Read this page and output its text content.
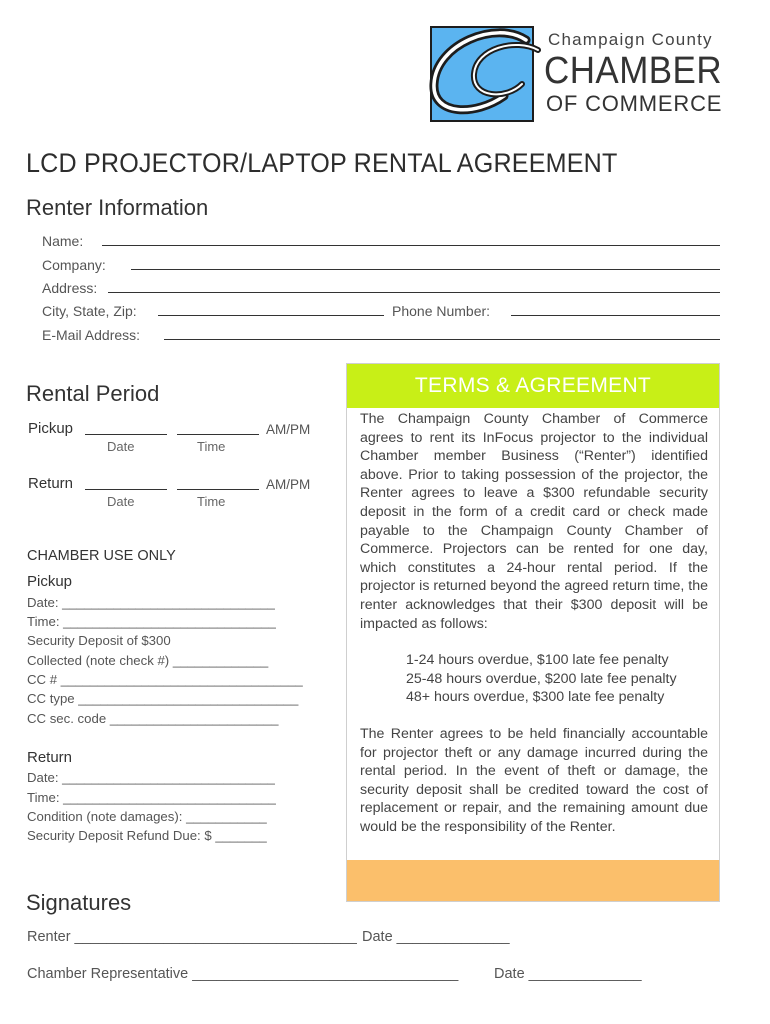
Champaign County
CHAMBER
OF COMMERCE
LCD PROJECTOR/LAPTOP RENTAL AGREEMENT
Renter Information
Name:
Company:
Address:
City, State, Zip:	Phone Number:
E-Mail Address:
Rental Period
Pickup	AM/PM
Date	Time
Return	AM/PM
Date	Time
CHAMBER USE ONLY
Pickup
Date: _____________________________
Time: _____________________________
Security Deposit of $300
Collected (note check #) _____________
CC # _________________________________
CC type ______________________________
CC sec. code _______________________
Return
Date: _____________________________
Time: _____________________________
Condition (note damages): ___________
Security Deposit Refund Due: $ _______
TERMS & AGREEMENT

The Champaign County Chamber of Commerce agrees to rent its InFocus projector to the individual Chamber member Business (“Renter”) identified above. Prior to taking possession of the projector, the Renter agrees to leave a $300 refundable security deposit in the form of a credit card or check made payable to the Champaign County Chamber of Commerce. Projectors can be rented for one day, which constitutes a 24-hour rental period. If the projector is returned beyond the agreed return time, the renter acknowledges that their $300 deposit will be impacted as follows:

1-24 hours overdue, $100 late fee penalty
25-48 hours overdue, $200 late fee penalty
48+ hours overdue, $300 late fee penalty

The Renter agrees to be held financially accountable for projector theft or any damage incurred during the rental period. In the event of theft or damage, the security deposit shall be credited toward the cost of replacement or repair, and the remaining amount due would be the responsibility of the Renter.

Signatures
Renter ___________________________________ Date ______________
Chamber Representative _________________________________ Date ______________
